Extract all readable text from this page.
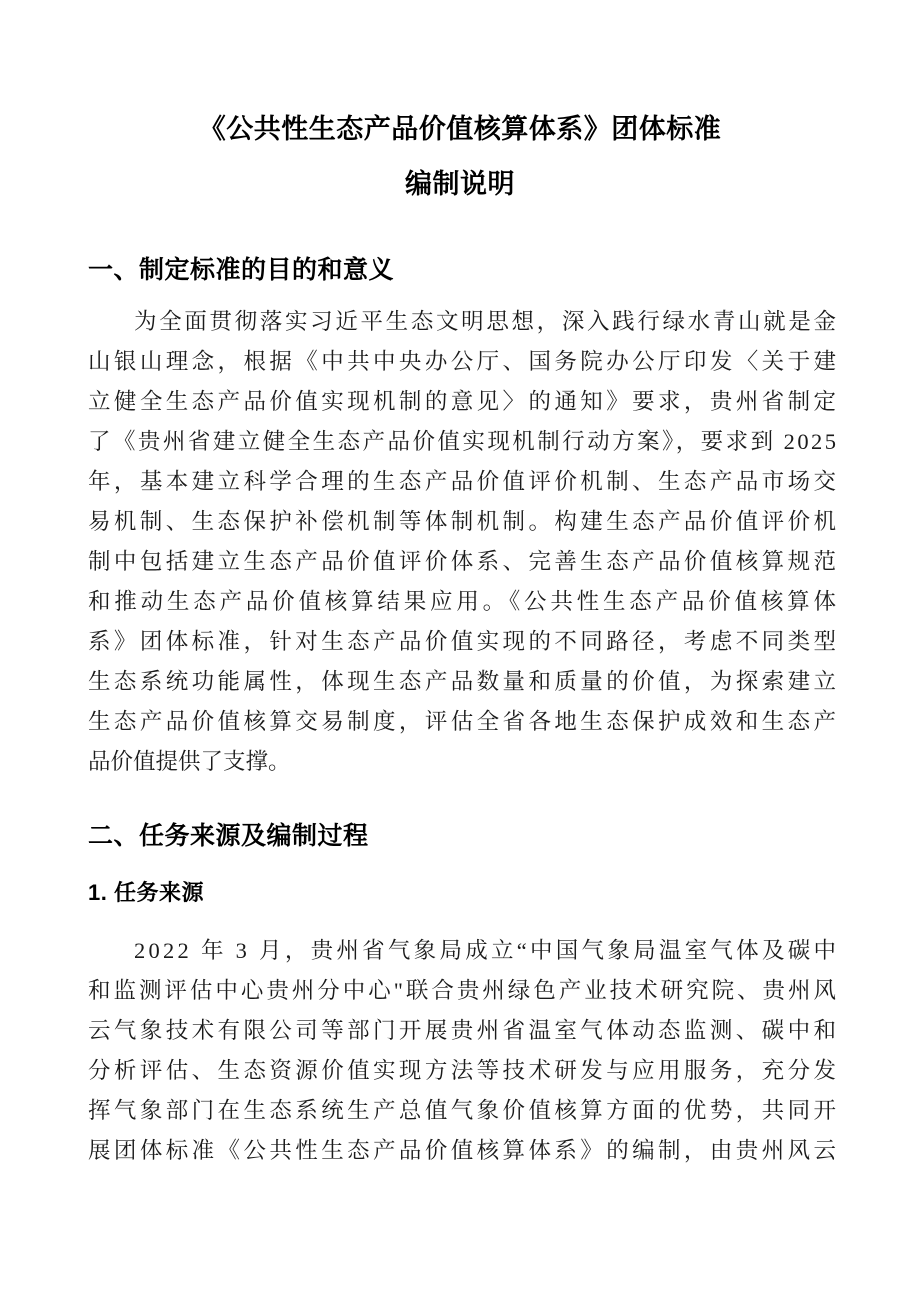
《公共性生态产品价值核算体系》团体标准
编制说明
一、制定标准的目的和意义
为全面贯彻落实习近平生态文明思想，深入践行绿水青山就是金
山银山理念，根据《中共中央办公厅、国务院办公厅印发〈关于建
立健全生态产品价值实现机制的意见〉的通知》要求，贵州省制定
了《贵州省建立健全生态产品价值实现机制行动方案》，要求到 2025
年，基本建立科学合理的生态产品价值评价机制、生态产品市场交
易机制、生态保护补偿机制等体制机制。构建生态产品价值评价机
制中包括建立生态产品价值评价体系、完善生态产品价值核算规范
和推动生态产品价值核算结果应用。《公共性生态产品价值核算体
系》团体标准，针对生态产品价值实现的不同路径，考虑不同类型
生态系统功能属性，体现生态产品数量和质量的价值，为探索建立
生态产品价值核算交易制度，评估全省各地生态保护成效和生态产
品价值提供了支撑。
二、任务来源及编制过程
1. 任务来源
2022 年 3 月，贵州省气象局成立“中国气象局温室气体及碳中
和监测评估中心贵州分中心"联合贵州绿色产业技术研究院、贵州风
云气象技术有限公司等部门开展贵州省温室气体动态监测、碳中和
分析评估、生态资源价值实现方法等技术研发与应用服务，充分发
挥气象部门在生态系统生产总值气象价值核算方面的优势，共同开
展团体标准《公共性生态产品价值核算体系》的编制，由贵州风云
